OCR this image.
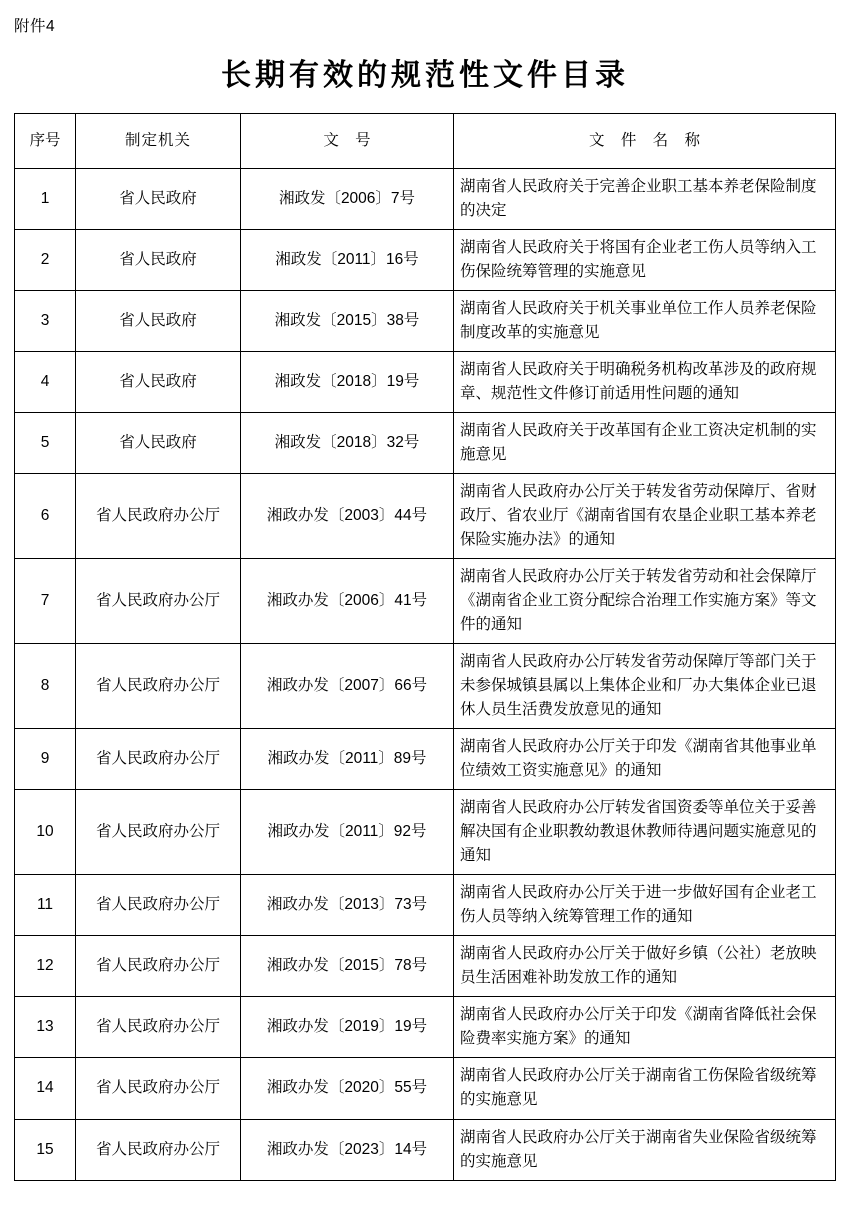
附件4
长期有效的规范性文件目录
序号	制定机关	文 号	文 件 名 称
1	省人民政府	湘政发〔2006〕7号	湖南省人民政府关于完善企业职工基本养老保险制度的决定
2	省人民政府	湘政发〔2011〕16号	湖南省人民政府关于将国有企业老工伤人员等纳入工伤保险统筹管理的实施意见
3	省人民政府	湘政发〔2015〕38号	湖南省人民政府关于机关事业单位工作人员养老保险制度改革的实施意见
4	省人民政府	湘政发〔2018〕19号	湖南省人民政府关于明确税务机构改革涉及的政府规章、规范性文件修订前适用性问题的通知
5	省人民政府	湘政发〔2018〕32号	湖南省人民政府关于改革国有企业工资决定机制的实施意见
6	省人民政府办公厅	湘政办发〔2003〕44号	湖南省人民政府办公厅关于转发省劳动保障厅、省财政厅、省农业厅《湖南省国有农垦企业职工基本养老保险实施办法》的通知
7	省人民政府办公厅	湘政办发〔2006〕41号	湖南省人民政府办公厅关于转发省劳动和社会保障厅《湖南省企业工资分配综合治理工作实施方案》等文件的通知
8	省人民政府办公厅	湘政办发〔2007〕66号	湖南省人民政府办公厅转发省劳动保障厅等部门关于未参保城镇县属以上集体企业和厂办大集体企业已退休人员生活费发放意见的通知
9	省人民政府办公厅	湘政办发〔2011〕89号	湖南省人民政府办公厅关于印发《湖南省其他事业单位绩效工资实施意见》的通知
10	省人民政府办公厅	湘政办发〔2011〕92号	湖南省人民政府办公厅转发省国资委等单位关于妥善解决国有企业职教幼教退休教师待遇问题实施意见的通知
11	省人民政府办公厅	湘政办发〔2013〕73号	湖南省人民政府办公厅关于进一步做好国有企业老工伤人员等纳入统筹管理工作的通知
12	省人民政府办公厅	湘政办发〔2015〕78号	湖南省人民政府办公厅关于做好乡镇（公社）老放映员生活困难补助发放工作的通知
13	省人民政府办公厅	湘政办发〔2019〕19号	湖南省人民政府办公厅关于印发《湖南省降低社会保险费率实施方案》的通知
14	省人民政府办公厅	湘政办发〔2020〕55号	湖南省人民政府办公厅关于湖南省工伤保险省级统筹的实施意见
15	省人民政府办公厅	湘政办发〔2023〕14号	湖南省人民政府办公厅关于湖南省失业保险省级统筹的实施意见
